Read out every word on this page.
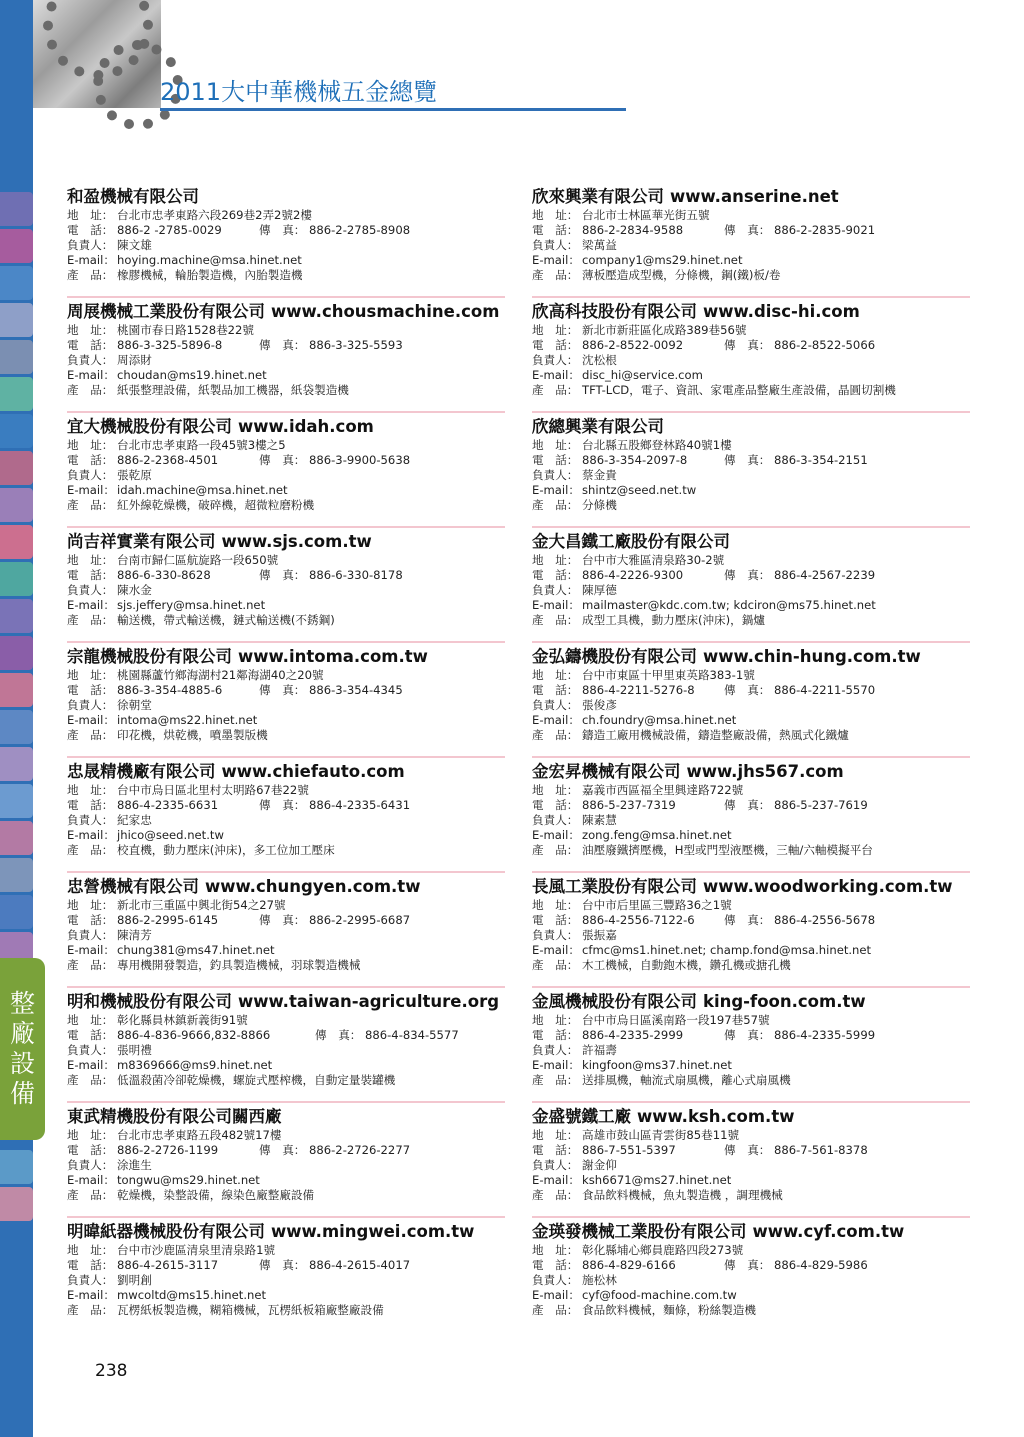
整
廠
設
備
2011大中華機械五金總覽
和盈機械有限公司
地　址： 台北市忠孝東路六段269巷2弄2號2樓
電　話： 886-2 -2785-0029	傳　真： 886-2-2785-8908
負責人： 陳文雄
E-mail： hoying.machine@msa.hinet.net
產　品： 橡膠機械，輪胎製造機，內胎製造機
周展機械工業股份有限公司 www.chousmachine.com
地　址： 桃園市春日路1528巷22號
電　話： 886-3-325-5896-8	傳　真： 886-3-325-5593
負責人： 周添財
E-mail： choudan@ms19.hinet.net
產　品： 紙張整理設備，紙製品加工機器，紙袋製造機
宜大機械股份有限公司 www.idah.com
地　址： 台北市忠孝東路一段45號3樓之5
電　話： 886-2-2368-4501	傳　真： 886-3-9900-5638
負責人： 張乾原
E-mail： idah.machine@msa.hinet.net
產　品： 紅外線乾燥機，破碎機，超微粒磨粉機
尚吉祥實業有限公司 www.sjs.com.tw
地　址： 台南市歸仁區航旋路一段650號
電　話： 886-6-330-8628	傳　真： 886-6-330-8178
負責人： 陳水金
E-mail： sjs.jeffery@msa.hinet.net
產　品： 輸送機，帶式輸送機，鏈式輸送機(不銹鋼)
宗龍機械股份有限公司 www.intoma.com.tw
地　址： 桃園縣蘆竹鄉海湖村21鄰海湖40之20號
電　話： 886-3-354-4885-6	傳　真： 886-3-354-4345
負責人： 徐朝堂
E-mail： intoma@ms22.hinet.net
產　品： 印花機，烘乾機，噴墨製版機
忠晟精機廠有限公司 www.chiefauto.com
地　址： 台中市烏日區北里村太明路67巷22號
電　話： 886-4-2335-6631	傳　真： 886-4-2335-6431
負責人： 紀家忠
E-mail： jhico@seed.net.tw
產　品： 校直機，動力壓床(沖床)，多工位加工壓床
忠營機械有限公司 www.chungyen.com.tw
地　址： 新北市三重區中興北街54之27號
電　話： 886-2-2995-6145	傳　真： 886-2-2995-6687
負責人： 陳清芳
E-mail： chung381@ms47.hinet.net
產　品： 專用機開發製造，釣具製造機械，羽球製造機械
明和機械股份有限公司 www.taiwan-agriculture.org
地　址： 彰化縣員林鎮新義街91號
電　話： 886-4-836-9666,832-8866	傳　真： 886-4-834-5577
負責人： 張明禮
E-mail： m8369666@ms9.hinet.net
產　品： 低溫殺菌冷卻乾燥機，螺旋式壓榨機，自動定量裝罐機
東武精機股份有限公司關西廠
地　址： 台北市忠孝東路五段482號17樓
電　話： 886-2-2726-1199	傳　真： 886-2-2726-2277
負責人： 涂進生
E-mail： tongwu@ms29.hinet.net
產　品： 乾燥機，染整設備，線染色廠整廠設備
明暐紙器機械股份有限公司 www.mingwei.com.tw
地　址： 台中市沙鹿區清泉里清泉路1號
電　話： 886-4-2615-3117	傳　真： 886-4-2615-4017
負責人： 劉明創
E-mail： mwcoltd@ms15.hinet.net
產　品： 瓦楞紙板製造機，糊箱機械，瓦楞紙板箱廠整廠設備
欣來興業有限公司 www.anserine.net
地　址： 台北市士林區華光街五號
電　話： 886-2-2834-9588	傳　真： 886-2-2835-9021
負責人： 梁萬益
E-mail： company1@ms29.hinet.net
產　品： 薄板壓造成型機，分條機，鋼(鐵)板/卷
欣高科技股份有限公司 www.disc-hi.com
地　址： 新北市新莊區化成路389巷56號
電　話： 886-2-8522-0092	傳　真： 886-2-8522-5066
負責人： 沈松根
E-mail： disc_hi@service.com
產　品： TFT-LCD，電子、資訊、家電產品整廠生產設備，晶圓切割機
欣總興業有限公司
地　址： 台北縣五股鄉登林路40號1樓
電　話： 886-3-354-2097-8	傳　真： 886-3-354-2151
負責人： 蔡金貴
E-mail： shintz@seed.net.tw
產　品： 分條機
金大昌鐵工廠股份有限公司
地　址： 台中市大雅區清泉路30-2號
電　話： 886-4-2226-9300	傳　真： 886-4-2567-2239
負責人： 陳厚德
E-mail： mailmaster@kdc.com.tw; kdciron@ms75.hinet.net
產　品： 成型工具機，動力壓床(沖床)，鍋爐
金弘鑄機股份有限公司 www.chin-hung.com.tw
地　址： 台中市東區十甲里東英路383-1號
電　話： 886-4-2211-5276-8	傳　真： 886-4-2211-5570
負責人： 張俊彥
E-mail： ch.foundry@msa.hinet.net
產　品： 鑄造工廠用機械設備，鑄造整廠設備，熱風式化鐵爐
金宏昇機械有限公司 www.jhs567.com
地　址： 嘉義市西區福全里興達路722號
電　話： 886-5-237-7319	傳　真： 886-5-237-7619
負責人： 陳素慧
E-mail： zong.feng@msa.hinet.net
產　品： 油壓廢鐵擠壓機，H型或門型液壓機，三軸/六軸模擬平台
長風工業股份有限公司 www.woodworking.com.tw
地　址： 台中市后里區三豐路36之1號
電　話： 886-4-2556-7122-6	傳　真： 886-4-2556-5678
負責人： 張振嘉
E-mail： cfmc@ms1.hinet.net; champ.fond@msa.hinet.net
產　品： 木工機械，自動鉋木機，鑽孔機或搪孔機
金風機械股份有限公司 king-foon.com.tw
地　址： 台中市烏日區溪南路一段197巷57號
電　話： 886-4-2335-2999	傳　真： 886-4-2335-5999
負責人： 許福壽
E-mail： kingfoon@ms37.hinet.net
產　品： 送排風機，軸流式扇風機，離心式扇風機
金盛號鐵工廠 www.ksh.com.tw
地　址： 高雄市鼓山區青雲街85巷11號
電　話： 886-7-551-5397	傳　真： 886-7-561-8378
負責人： 謝金仰
E-mail： ksh6671@ms27.hinet.net
產　品： 食品飲料機械，魚丸製造機 ，調理機械
金瑛發機械工業股份有限公司 www.cyf.com.tw
地　址： 彰化縣埔心鄉員鹿路四段273號
電　話： 886-4-829-6166	傳　真： 886-4-829-5986
負責人： 施松林
E-mail： cyf@food-machine.com.tw
產　品： 食品飲料機械，麵條，粉絲製造機
238
